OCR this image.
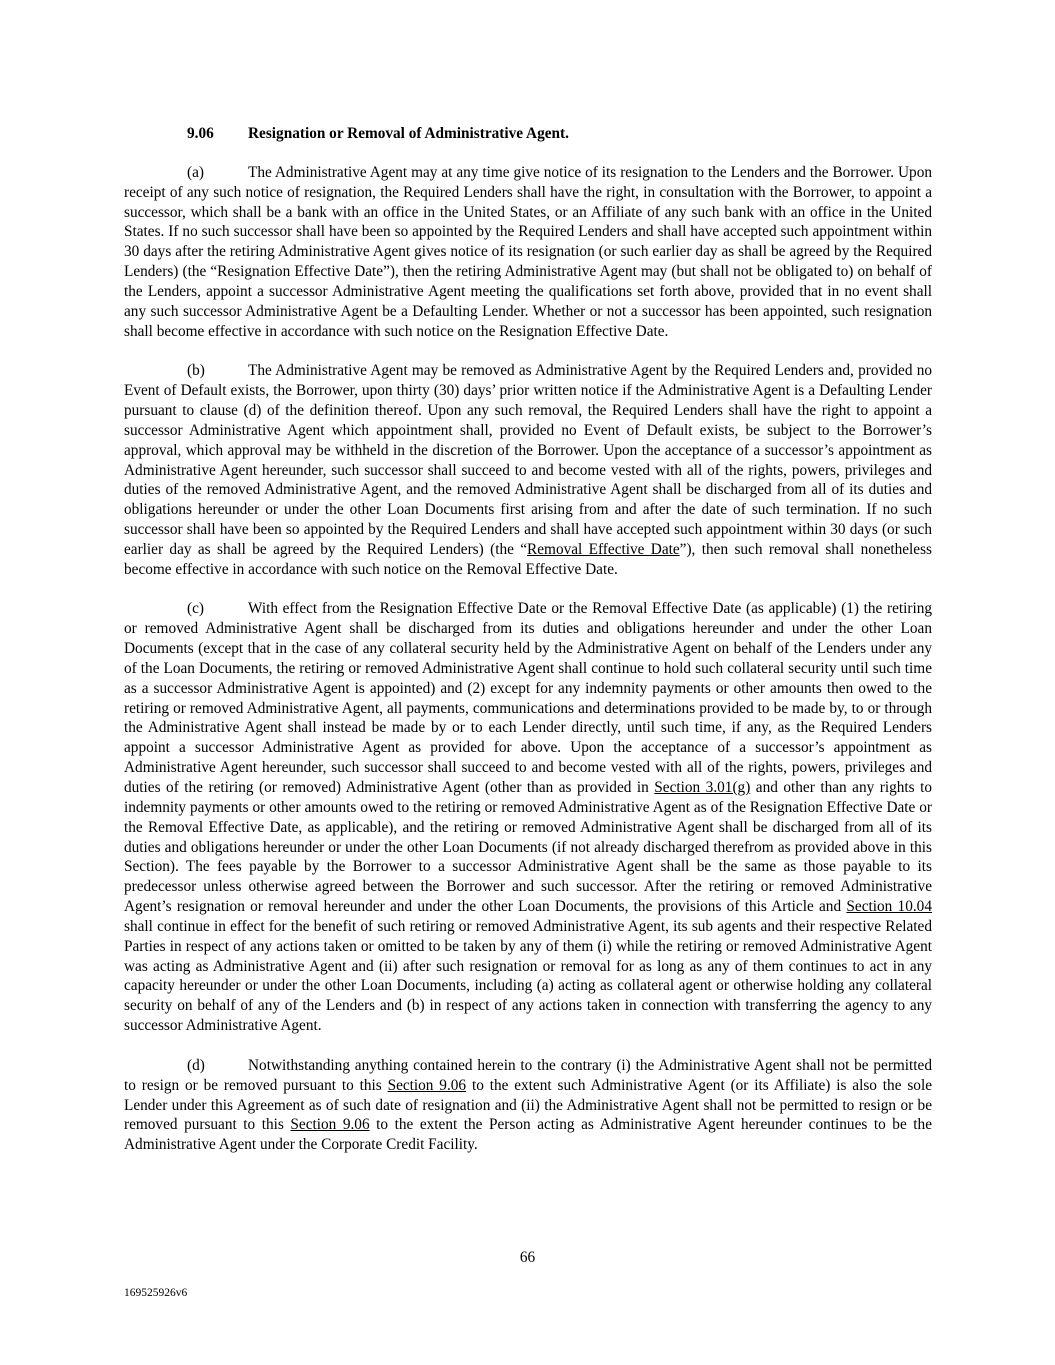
9.06 Resignation or Removal of Administrative Agent.

(a)	The Administrative Agent may at any time give notice of its resignation to the Lenders and the Borrower. Upon receipt of any such notice of resignation, the Required Lenders shall have the right, in consultation with the Borrower, to appoint a successor, which shall be a bank with an office in the United States, or an Affiliate of any such bank with an office in the United States. If no such successor shall have been so appointed by the Required Lenders and shall have accepted such appointment within 30 days after the retiring Administrative Agent gives notice of its resignation (or such earlier day as shall be agreed by the Required Lenders) (the “Resignation Effective Date”), then the retiring Administrative Agent may (but shall not be obligated to) on behalf of the Lenders, appoint a successor Administrative Agent meeting the qualifications set forth above, provided that in no event shall any such successor Administrative Agent be a Defaulting Lender. Whether or not a successor has been appointed, such resignation shall become effective in accordance with such notice on the Resignation Effective Date.

(b)	The Administrative Agent may be removed as Administrative Agent by the Required Lenders and, provided no Event of Default exists, the Borrower, upon thirty (30) days’ prior written notice if the Administrative Agent is a Defaulting Lender pursuant to clause (d) of the definition thereof. Upon any such removal, the Required Lenders shall have the right to appoint a successor Administrative Agent which appointment shall, provided no Event of Default exists, be subject to the Borrower’s approval, which approval may be withheld in the discretion of the Borrower. Upon the acceptance of a successor’s appointment as Administrative Agent hereunder, such successor shall succeed to and become vested with all of the rights, powers, privileges and duties of the removed Administrative Agent, and the removed Administrative Agent shall be discharged from all of its duties and obligations hereunder or under the other Loan Documents first arising from and after the date of such termination. If no such successor shall have been so appointed by the Required Lenders and shall have accepted such appointment within 30 days (or such earlier day as shall be agreed by the Required Lenders) (the “Removal Effective Date”), then such removal shall nonetheless become effective in accordance with such notice on the Removal Effective Date.

(c)	With effect from the Resignation Effective Date or the Removal Effective Date (as applicable) (1) the retiring or removed Administrative Agent shall be discharged from its duties and obligations hereunder and under the other Loan Documents (except that in the case of any collateral security held by the Administrative Agent on behalf of the Lenders under any of the Loan Documents, the retiring or removed Administrative Agent shall continue to hold such collateral security until such time as a successor Administrative Agent is appointed) and (2) except for any indemnity payments or other amounts then owed to the retiring or removed Administrative Agent, all payments, communications and determinations provided to be made by, to or through the Administrative Agent shall instead be made by or to each Lender directly, until such time, if any, as the Required Lenders appoint a successor Administrative Agent as provided for above. Upon the acceptance of a successor’s appointment as Administrative Agent hereunder, such successor shall succeed to and become vested with all of the rights, powers, privileges and duties of the retiring (or removed) Administrative Agent (other than as provided in Section 3.01(g) and other than any rights to indemnity payments or other amounts owed to the retiring or removed Administrative Agent as of the Resignation Effective Date or the Removal Effective Date, as applicable), and the retiring or removed Administrative Agent shall be discharged from all of its duties and obligations hereunder or under the other Loan Documents (if not already discharged therefrom as provided above in this Section). The fees payable by the Borrower to a successor Administrative Agent shall be the same as those payable to its predecessor unless otherwise agreed between the Borrower and such successor. After the retiring or removed Administrative Agent’s resignation or removal hereunder and under the other Loan Documents, the provisions of this Article and Section 10.04 shall continue in effect for the benefit of such retiring or removed Administrative Agent, its sub agents and their respective Related Parties in respect of any actions taken or omitted to be taken by any of them (i) while the retiring or removed Administrative Agent was acting as Administrative Agent and (ii) after such resignation or removal for as long as any of them continues to act in any capacity hereunder or under the other Loan Documents, including (a) acting as collateral agent or otherwise holding any collateral security on behalf of any of the Lenders and (b) in respect of any actions taken in connection with transferring the agency to any successor Administrative Agent.

(d)	Notwithstanding anything contained herein to the contrary (i) the Administrative Agent shall not be permitted to resign or be removed pursuant to this Section 9.06 to the extent such Administrative Agent (or its Affiliate) is also the sole Lender under this Agreement as of such date of resignation and (ii) the Administrative Agent shall not be permitted to resign or be removed pursuant to this Section 9.06 to the extent the Person acting as Administrative Agent hereunder continues to be the Administrative Agent under the Corporate Credit Facility.

66
169525926v6
